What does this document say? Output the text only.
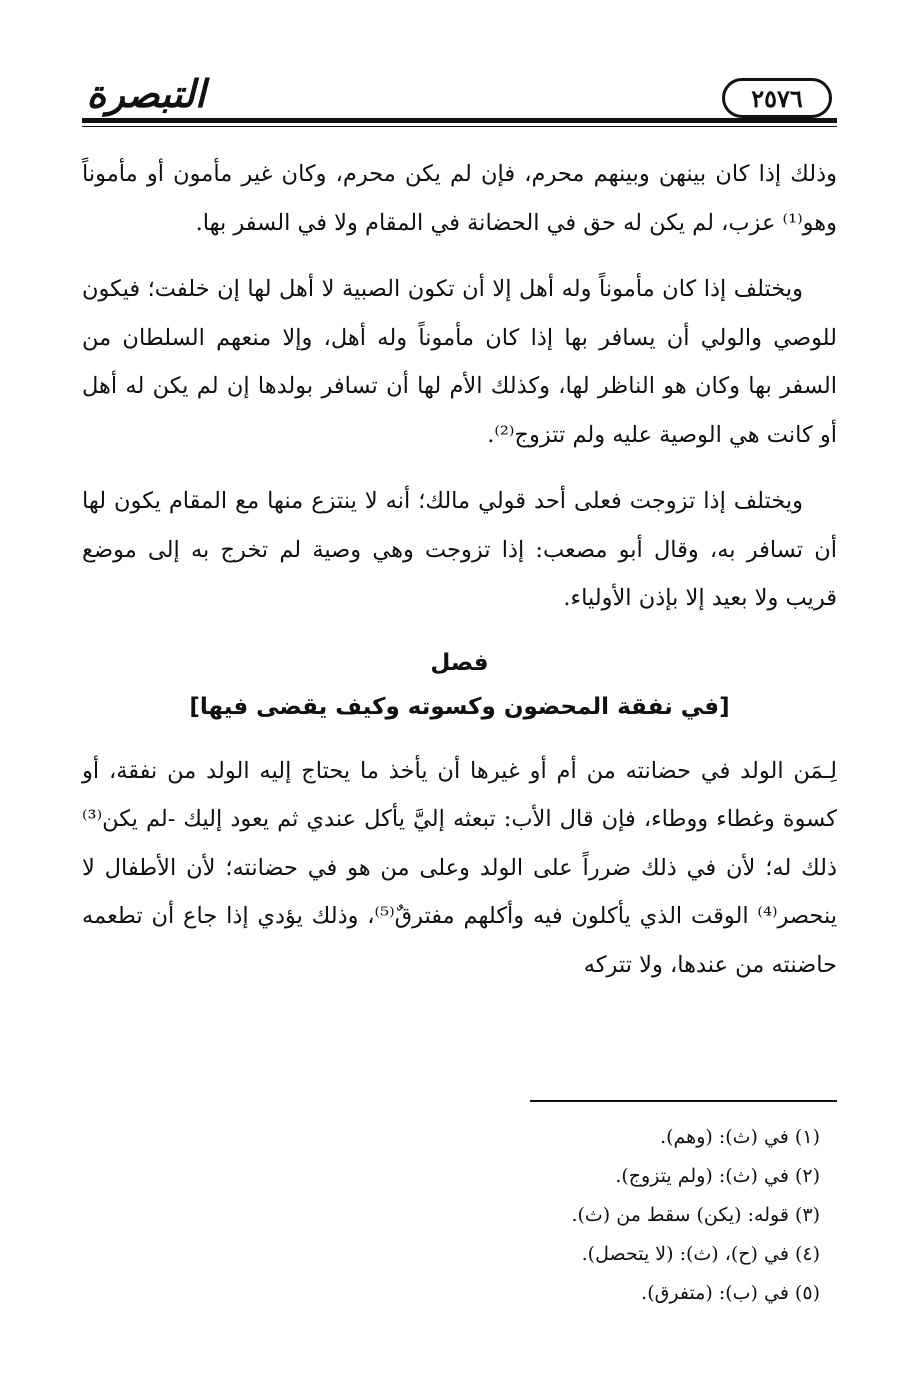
التبصرة	٢٥٧٦

وذلك إذا كان بينهن وبينهم محرم، فإن لم يكن محرم، وكان غير مأمون أو مأموناً وهو⁽¹⁾ عزب، لم يكن له حق في الحضانة في المقام ولا في السفر بها.

ويختلف إذا كان مأموناً وله أهل إلا أن تكون الصبية لا أهل لها إن خلفت؛ فيكون للوصي والولي أن يسافر بها إذا كان مأموناً وله أهل، وإلا منعهم السلطان من السفر بها وكان هو الناظر لها، وكذلك الأم لها أن تسافر بولدها إن لم يكن له أهل أو كانت هي الوصية عليه ولم تتزوج⁽²⁾.

ويختلف إذا تزوجت فعلى أحد قولي مالك؛ أنه لا ينتزع منها مع المقام يكون لها أن تسافر به، وقال أبو مصعب: إذا تزوجت وهي وصية لم تخرج به إلى موضع قريب ولا بعيد إلا بإذن الأولياء.

فصل

[في نفقة المحضون وكسوته وكيف يقضى فيها]

لِـمَن الولد في حضانته من أم أو غيرها أن يأخذ ما يحتاج إليه الولد من نفقة، أو كسوة وغطاء ووطاء، فإن قال الأب: تبعثه إليَّ يأكل عندي ثم يعود إليك -لم يكن⁽³⁾ ذلك له؛ لأن في ذلك ضرراً على الولد وعلى من هو في حضانته؛ لأن الأطفال لا ينحصر⁽⁴⁾ الوقت الذي يأكلون فيه وأكلهم مفترقٌ⁽⁵⁾، وذلك يؤدي إذا جاع أن تطعمه حاضنته من عندها، ولا تتركه

(١) في (ث): (وهم).

(٢) في (ث): (ولم يتزوج).

(٣) قوله: (يكن) سقط من (ث).

(٤) في (ح)، (ث): (لا يتحصل).

(٥) في (ب): (متفرق).
